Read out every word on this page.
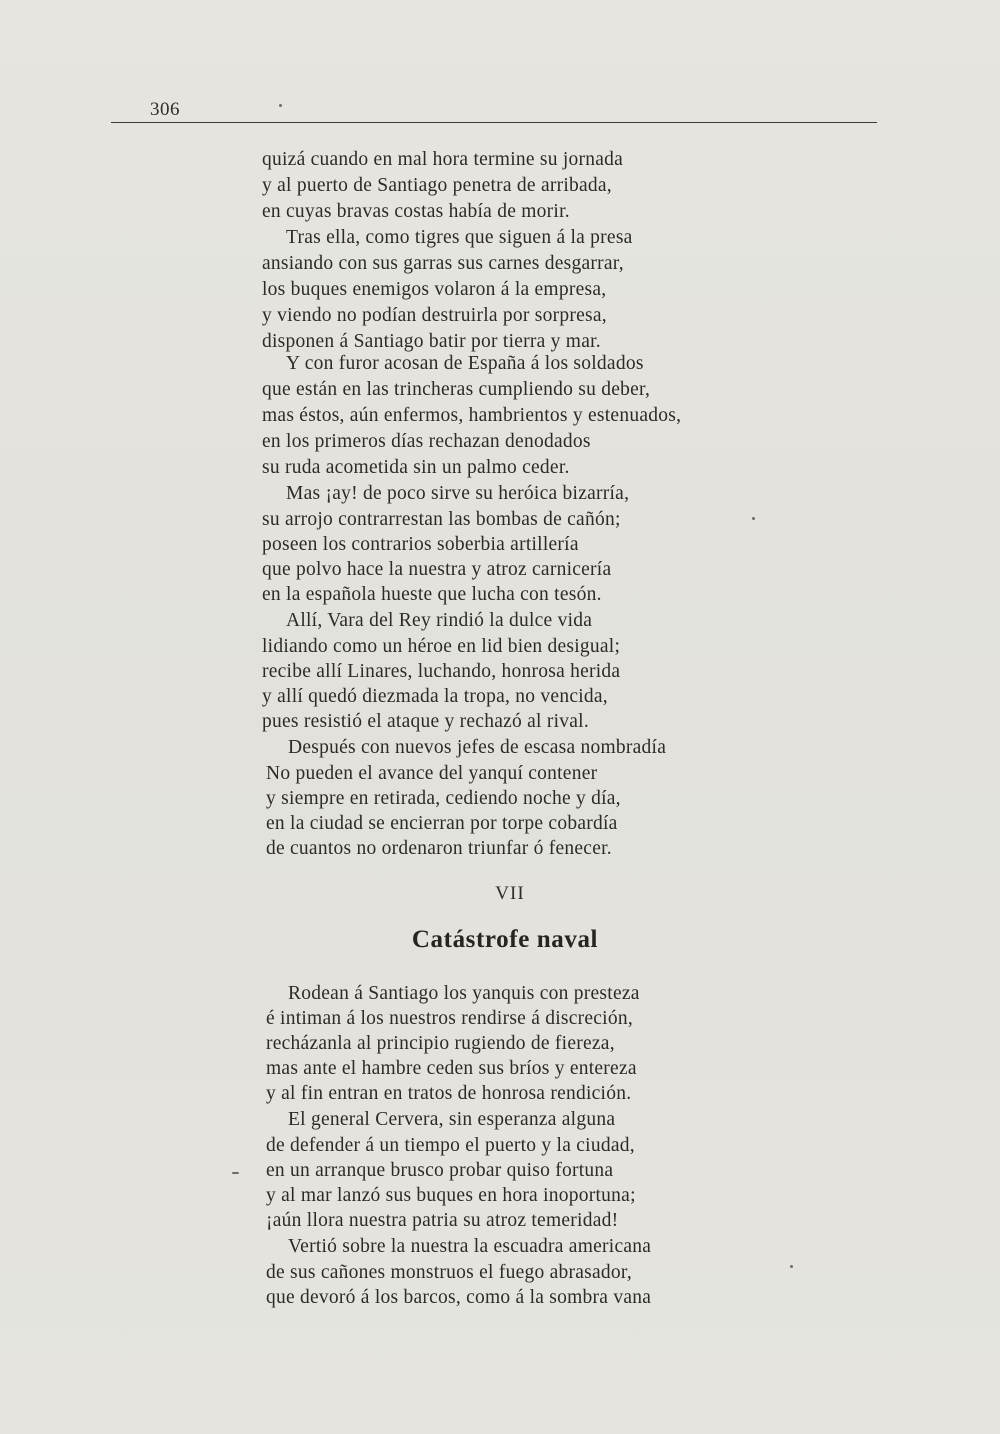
306
quizá cuando en mal hora termine su jornada
y al puerto de Santiago penetra de arribada,
en cuyas bravas costas había de morir.
Tras ella, como tigres que siguen á la presa
ansiando con sus garras sus carnes desgarrar,
los buques enemigos volaron á la empresa,
y viendo no podían destruirla por sorpresa,
disponen á Santiago batir por tierra y mar.
Y con furor acosan de España á los soldados
que están en las trincheras cumpliendo su deber,
mas éstos, aún enfermos, hambrientos y estenuados,
en los primeros días rechazan denodados
su ruda acometida sin un palmo ceder.
Mas ¡ay! de poco sirve su heróica bizarría,
su arrojo contrarrestan las bombas de cañón;
poseen los contrarios soberbia artillería
que polvo hace la nuestra y atroz carnicería
en la española hueste que lucha con tesón.
Allí, Vara del Rey rindió la dulce vida
lidiando como un héroe en lid bien desigual;
recibe allí Linares, luchando, honrosa herida
y allí quedó diezmada la tropa, no vencida,
pues resistió el ataque y rechazó al rival.
Después con nuevos jefes de escasa nombradía
No pueden el avance del yanquí contener
y siempre en retirada, cediendo noche y día,
en la ciudad se encierran por torpe cobardía
de cuantos no ordenaron triunfar ó fenecer.
VII
Catástrofe naval
Rodean á Santiago los yanquis con presteza
é intiman á los nuestros rendirse á discreción,
recházanla al principio rugiendo de fiereza,
mas ante el hambre ceden sus bríos y entereza
y al fin entran en tratos de honrosa rendición.
El general Cervera, sin esperanza alguna
de defender á un tiempo el puerto y la ciudad,
en un arranque brusco probar quiso fortuna
y al mar lanzó sus buques en hora inoportuna;
¡aún llora nuestra patria su atroz temeridad!
Vertió sobre la nuestra la escuadra americana
de sus cañones monstruos el fuego abrasador,
que devoró á los barcos, como á la sombra vana
